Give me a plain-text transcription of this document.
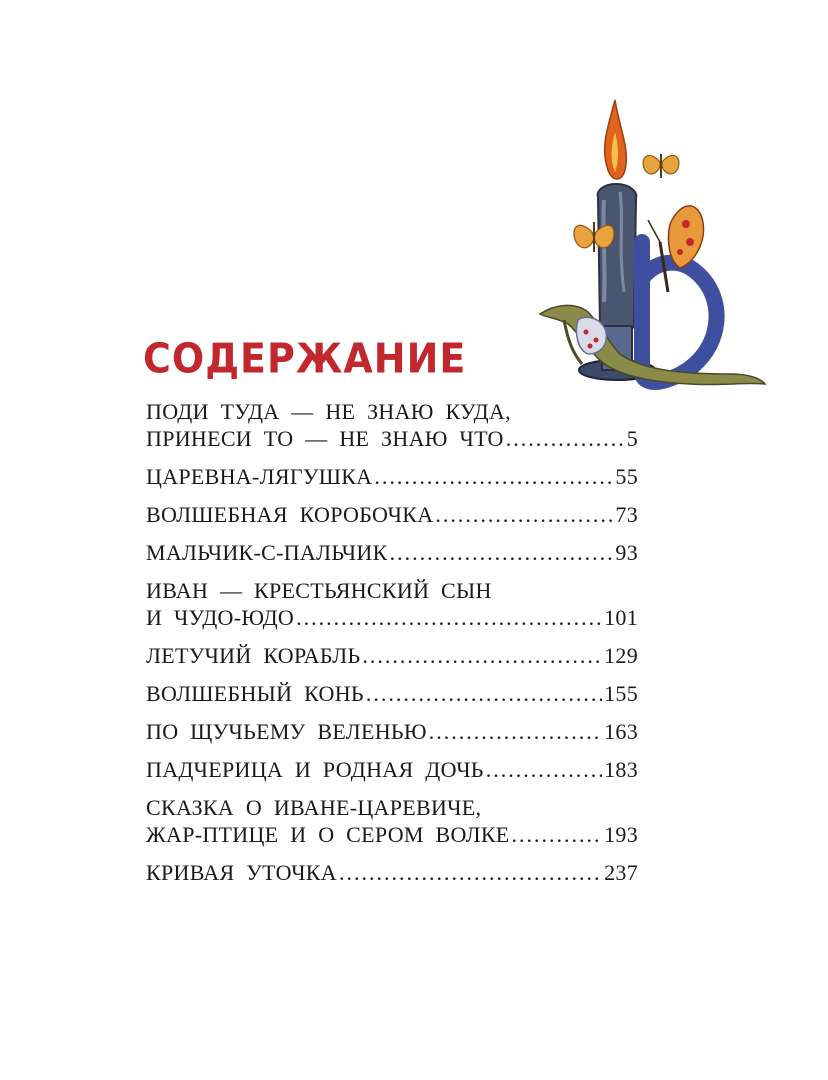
СОДЕРЖАНИЕ
ПОДИ ТУДА — НЕ ЗНАЮ КУДА,
ПРИНЕСИ ТО — НЕ ЗНАЮ ЧТО .....	5
ЦАРЕВНА-ЛЯГУШКА .....	55
ВОЛШЕБНАЯ КОРОБОЧКА .....	73
МАЛЬЧИК-С-ПАЛЬЧИК .....	93
ИВАН — КРЕСТЬЯНСКИЙ СЫН
И ЧУДО-ЮДО .....	101
ЛЕТУЧИЙ КОРАБЛЬ .....	129
ВОЛШЕБНЫЙ КОНЬ .....	155
ПО ЩУЧЬЕМУ ВЕЛЕНЬЮ .....	163
ПАДЧЕРИЦА И РОДНАЯ ДОЧЬ .....	183
СКАЗКА О ИВАНЕ-ЦАРЕВИЧЕ,
ЖАР-ПТИЦЕ И О СЕРОМ ВОЛКЕ .....	193
КРИВАЯ УТОЧКА .....	237
